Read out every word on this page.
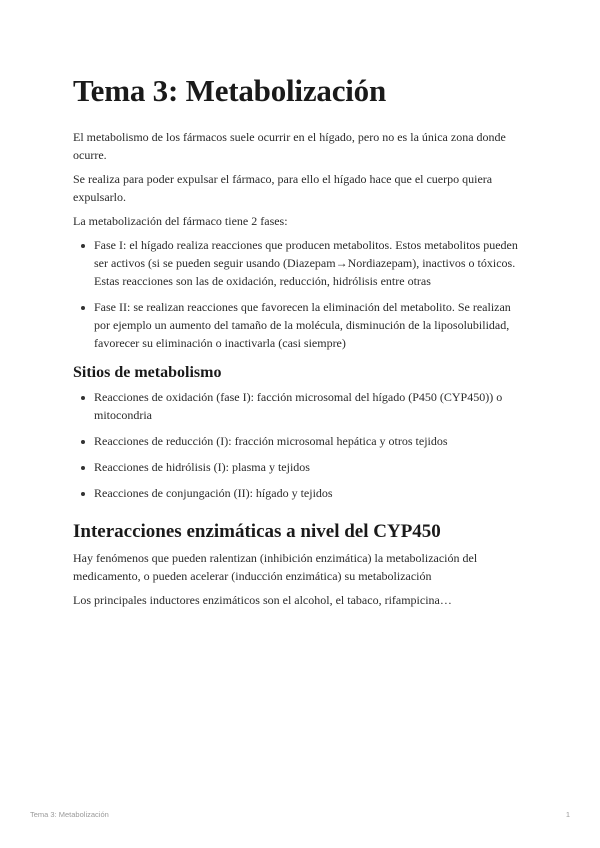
Tema 3: Metabolización

El metabolismo de los fármacos suele ocurrir en el hígado, pero no es la única zona donde ocurre.

Se realiza para poder expulsar el fármaco, para ello el hígado hace que el cuerpo quiera expulsarlo.

La metabolización del fármaco tiene 2 fases:

Fase I: el hígado realiza reacciones que producen metabolitos. Estos metabolitos pueden ser activos (si se pueden seguir usando (Diazepam→Nordiazepam), inactivos o tóxicos. Estas reacciones son las de oxidación, reducción, hidrólisis entre otras
Fase II: se realizan reacciones que favorecen la eliminación del metabolito. Se realizan por ejemplo un aumento del tamaño de la molécula, disminución de la liposolubilidad, favorecer su eliminación o inactivarla (casi siempre)
Sitios de metabolismo
Reacciones de oxidación (fase I): facción microsomal del hígado (P450 (CYP450)) o mitocondria
Reacciones de reducción (I): fracción microsomal hepática y otros tejidos
Reacciones de hidrólisis (I): plasma y tejidos
Reacciones de conjungación (II): hígado y tejidos
Interacciones enzimáticas a nivel del CYP450

Hay fenómenos que pueden ralentizan (inhibición enzimática) la metabolización del medicamento, o pueden acelerar (inducción enzimática) su metabolización

Los principales inductores enzimáticos son el alcohol, el tabaco, rifampicina…

Tema 3: Metabolización	1
